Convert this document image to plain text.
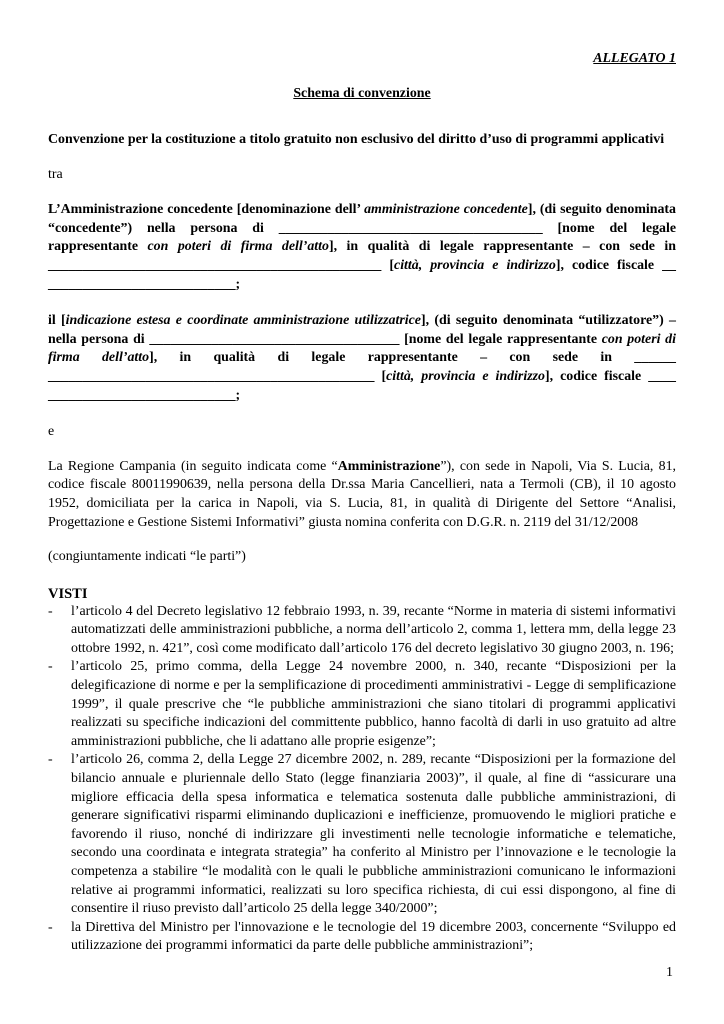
ALLEGATO 1

Schema di convenzione

Convenzione per la costituzione a titolo gratuito non esclusivo del diritto d’uso di programmi applicativi

tra

L’Amministrazione concedente [denominazione dell’ amministrazione concedente], (di seguito denominata “concedente”) nella persona di ______________________________________ [nome del legale rappresentante con poteri di firma dell’atto], in qualità di legale rappresentante – con sede in ________________________________________________ [città, provincia e indirizzo], codice fiscale __ ___________________________;

il [indicazione estesa e coordinate amministrazione utilizzatrice], (di seguito denominata “utilizzatore”) – nella persona di ____________________________________ [nome del legale rappresentante con poteri di firma dell’atto], in qualità di legale rappresentante – con sede in ______ _______________________________________________ [città, provincia e indirizzo], codice fiscale ____ ___________________________;

e

La Regione Campania (in seguito indicata come “Amministrazione”), con sede in Napoli, Via S. Lucia, 81, codice fiscale 80011990639, nella persona della Dr.ssa Maria Cancellieri, nata a Termoli (CB), il 10 agosto 1952, domiciliata per la carica in Napoli, via S. Lucia, 81, in qualità di Dirigente del Settore “Analisi, Progettazione e Gestione Sistemi Informativi” giusta nomina conferita con D.G.R. n. 2119 del 31/12/2008

(congiuntamente indicati “le parti”)

VISTI

- l’articolo 4 del Decreto legislativo 12 febbraio 1993, n. 39, recante “Norme in materia di sistemi informativi automatizzati delle amministrazioni pubbliche, a norma dell’articolo 2, comma 1, lettera mm, della legge 23 ottobre 1992, n. 421”, così come modificato dall’articolo 176 del decreto legislativo 30 giugno 2003, n. 196;
- l’articolo 25, primo comma, della Legge 24 novembre 2000, n. 340, recante “Disposizioni per la delegificazione di norme e per la semplificazione di procedimenti amministrativi - Legge di semplificazione 1999”, il quale prescrive che “le pubbliche amministrazioni che siano titolari di programmi applicativi realizzati su specifiche indicazioni del committente pubblico, hanno facoltà di darli in uso gratuito ad altre amministrazioni pubbliche, che li adattano alle proprie esigenze”;
- l’articolo 26, comma 2, della Legge 27 dicembre 2002, n. 289, recante “Disposizioni per la formazione del bilancio annuale e pluriennale dello Stato (legge finanziaria 2003)”, il quale, al fine di “assicurare una migliore efficacia della spesa informatica e telematica sostenuta dalle pubbliche amministrazioni, di generare significativi risparmi eliminando duplicazioni e inefficienze, promuovendo le migliori pratiche e favorendo il riuso, nonché di indirizzare gli investimenti nelle tecnologie informatiche e telematiche, secondo una coordinata e integrata strategia” ha conferito al Ministro per l’innovazione e le tecnologie la competenza a stabilire “le modalità con le quali le pubbliche amministrazioni comunicano le informazioni relative ai programmi informatici, realizzati su loro specifica richiesta, di cui essi dispongono, al fine di consentire il riuso previsto dall’articolo 25 della legge 340/2000”;
- la Direttiva del Ministro per l'innovazione e le tecnologie del 19 dicembre 2003, concernente “Sviluppo ed utilizzazione dei programmi informatici da parte delle pubbliche amministrazioni”;
1
